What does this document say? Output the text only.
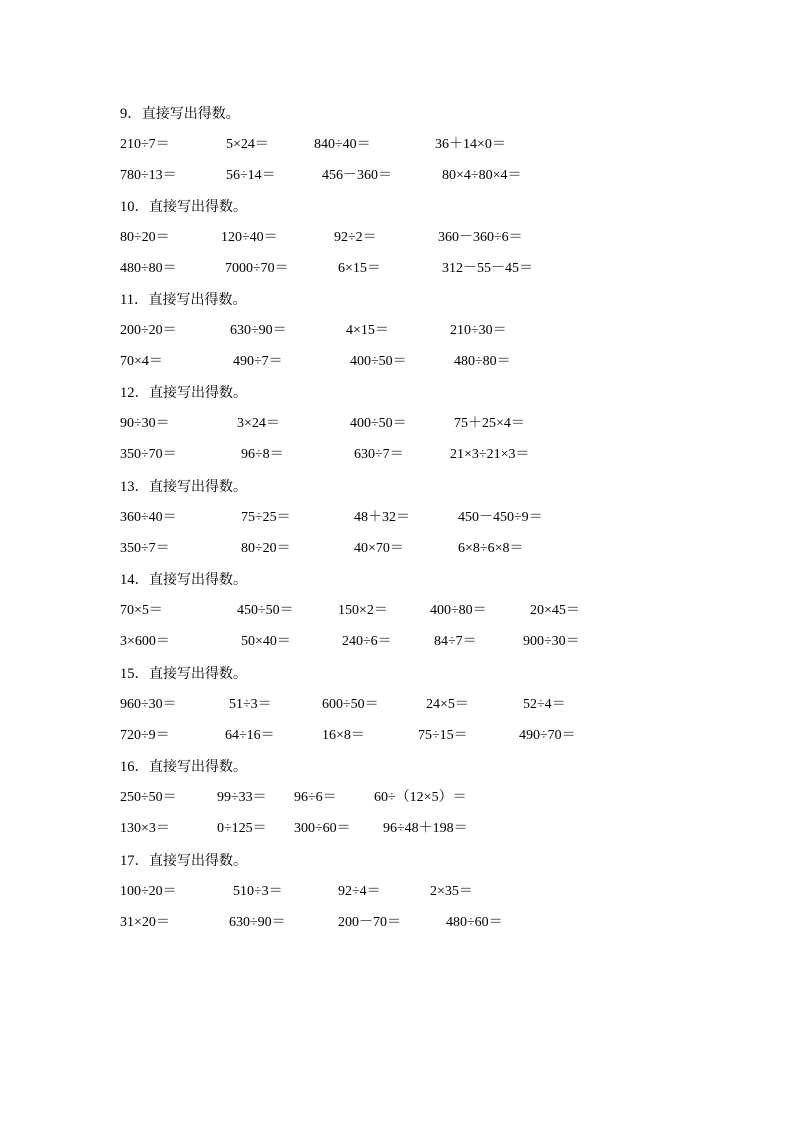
9．直接写出得数。
210÷7＝	5×24＝	840÷40＝	36＋14×0＝
780÷13＝	56÷14＝	456－360＝	80×4÷80×4＝
10．直接写出得数。
80÷20＝	120÷40＝	92÷2＝	360－360÷6＝
480÷80＝	7000÷70＝	6×15＝	312－55－45＝
11．直接写出得数。
200÷20＝	630÷90＝	4×15＝	210÷30＝
70×4＝	490÷7＝	400÷50＝	480÷80＝
12．直接写出得数。
90÷30＝	3×24＝	400÷50＝	75＋25×4＝
350÷70＝	96÷8＝	630÷7＝	21×3÷21×3＝
13．直接写出得数。
360÷40＝	75÷25＝	48＋32＝	450－450÷9＝
350÷7＝	80÷20＝	40×70＝	6×8÷6×8＝
14．直接写出得数。
70×5＝	450÷50＝	150×2＝	400÷80＝	20×45＝
3×600＝	50×40＝	240÷6＝	84÷7＝	900÷30＝
15．直接写出得数。
960÷30＝	51÷3＝	600÷50＝	24×5＝	52÷4＝
720÷9＝	64÷16＝	16×8＝	75÷15＝	490÷70＝
16．直接写出得数。
250÷50＝	99÷33＝ 96÷6＝	60÷（12×5）＝
130×3＝	0÷125＝ 300÷60＝ 96÷48＋198＝
17．直接写出得数。
100÷20＝	510÷3＝	92÷4＝	2×35＝
31×20＝	630÷90＝	200－70＝	480÷60＝
